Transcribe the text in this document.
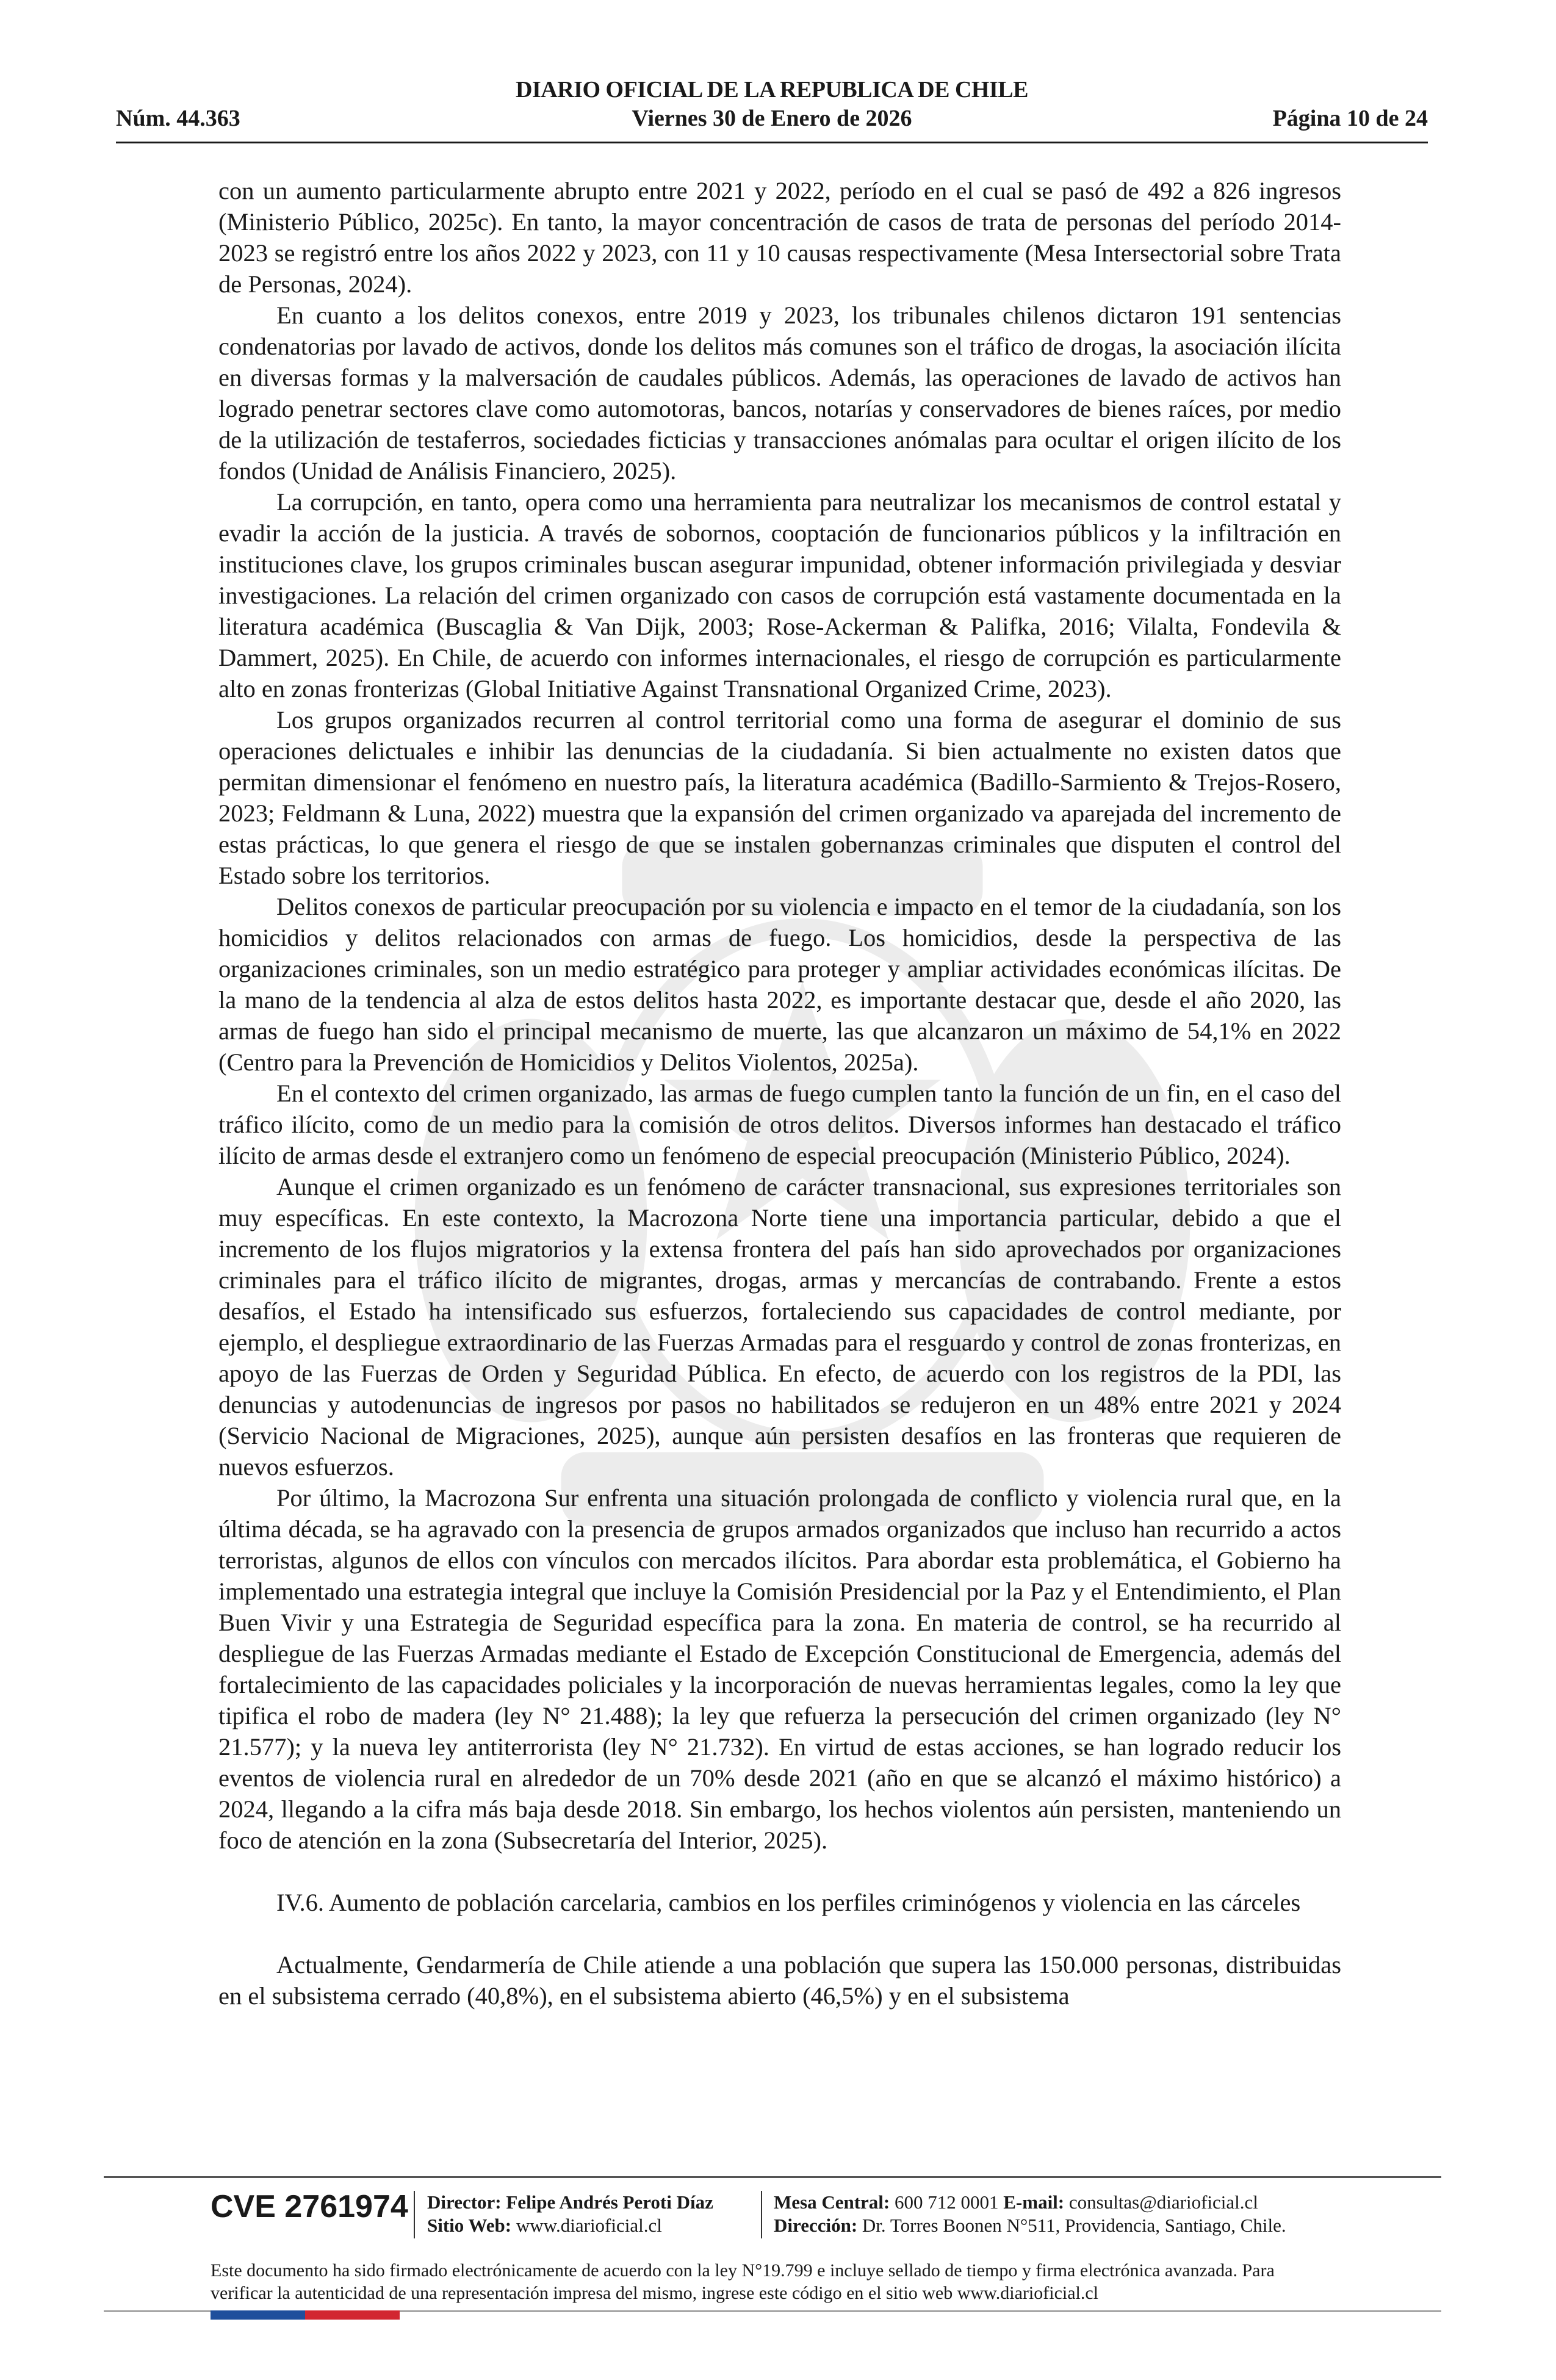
DIARIO OFICIAL DE LA REPUBLICA DE CHILE
Núm. 44.363	Viernes 30 de Enero de 2026	Página 10 de 24

con un aumento particularmente abrupto entre 2021 y 2022, período en el cual se pasó de 492 a 826 ingresos (Ministerio Público, 2025c). En tanto, la mayor concentración de casos de trata de personas del período 2014-2023 se registró entre los años 2022 y 2023, con 11 y 10 causas respectivamente (Mesa Intersectorial sobre Trata de Personas, 2024).

En cuanto a los delitos conexos, entre 2019 y 2023, los tribunales chilenos dictaron 191 sentencias condenatorias por lavado de activos, donde los delitos más comunes son el tráfico de drogas, la asociación ilícita en diversas formas y la malversación de caudales públicos. Además, las operaciones de lavado de activos han logrado penetrar sectores clave como automotoras, bancos, notarías y conservadores de bienes raíces, por medio de la utilización de testaferros, sociedades ficticias y transacciones anómalas para ocultar el origen ilícito de los fondos (Unidad de Análisis Financiero, 2025).

La corrupción, en tanto, opera como una herramienta para neutralizar los mecanismos de control estatal y evadir la acción de la justicia. A través de sobornos, cooptación de funcionarios públicos y la infiltración en instituciones clave, los grupos criminales buscan asegurar impunidad, obtener información privilegiada y desviar investigaciones. La relación del crimen organizado con casos de corrupción está vastamente documentada en la literatura académica (Buscaglia & Van Dijk, 2003; Rose-Ackerman & Palifka, 2016; Vilalta, Fondevila & Dammert, 2025). En Chile, de acuerdo con informes internacionales, el riesgo de corrupción es particularmente alto en zonas fronterizas (Global Initiative Against Transnational Organized Crime, 2023).

Los grupos organizados recurren al control territorial como una forma de asegurar el dominio de sus operaciones delictuales e inhibir las denuncias de la ciudadanía. Si bien actualmente no existen datos que permitan dimensionar el fenómeno en nuestro país, la literatura académica (Badillo-Sarmiento & Trejos-Rosero, 2023; Feldmann & Luna, 2022) muestra que la expansión del crimen organizado va aparejada del incremento de estas prácticas, lo que genera el riesgo de que se instalen gobernanzas criminales que disputen el control del Estado sobre los territorios.

Delitos conexos de particular preocupación por su violencia e impacto en el temor de la ciudadanía, son los homicidios y delitos relacionados con armas de fuego. Los homicidios, desde la perspectiva de las organizaciones criminales, son un medio estratégico para proteger y ampliar actividades económicas ilícitas. De la mano de la tendencia al alza de estos delitos hasta 2022, es importante destacar que, desde el año 2020, las armas de fuego han sido el principal mecanismo de muerte, las que alcanzaron un máximo de 54,1% en 2022 (Centro para la Prevención de Homicidios y Delitos Violentos, 2025a).

En el contexto del crimen organizado, las armas de fuego cumplen tanto la función de un fin, en el caso del tráfico ilícito, como de un medio para la comisión de otros delitos. Diversos informes han destacado el tráfico ilícito de armas desde el extranjero como un fenómeno de especial preocupación (Ministerio Público, 2024).

Aunque el crimen organizado es un fenómeno de carácter transnacional, sus expresiones territoriales son muy específicas. En este contexto, la Macrozona Norte tiene una importancia particular, debido a que el incremento de los flujos migratorios y la extensa frontera del país han sido aprovechados por organizaciones criminales para el tráfico ilícito de migrantes, drogas, armas y mercancías de contrabando. Frente a estos desafíos, el Estado ha intensificado sus esfuerzos, fortaleciendo sus capacidades de control mediante, por ejemplo, el despliegue extraordinario de las Fuerzas Armadas para el resguardo y control de zonas fronterizas, en apoyo de las Fuerzas de Orden y Seguridad Pública. En efecto, de acuerdo con los registros de la PDI, las denuncias y autodenuncias de ingresos por pasos no habilitados se redujeron en un 48% entre 2021 y 2024 (Servicio Nacional de Migraciones, 2025), aunque aún persisten desafíos en las fronteras que requieren de nuevos esfuerzos.

Por último, la Macrozona Sur enfrenta una situación prolongada de conflicto y violencia rural que, en la última década, se ha agravado con la presencia de grupos armados organizados que incluso han recurrido a actos terroristas, algunos de ellos con vínculos con mercados ilícitos. Para abordar esta problemática, el Gobierno ha implementado una estrategia integral que incluye la Comisión Presidencial por la Paz y el Entendimiento, el Plan Buen Vivir y una Estrategia de Seguridad específica para la zona. En materia de control, se ha recurrido al despliegue de las Fuerzas Armadas mediante el Estado de Excepción Constitucional de Emergencia, además del fortalecimiento de las capacidades policiales y la incorporación de nuevas herramientas legales, como la ley que tipifica el robo de madera (ley N° 21.488); la ley que refuerza la persecución del crimen organizado (ley N° 21.577); y la nueva ley antiterrorista (ley N° 21.732). En virtud de estas acciones, se han logrado reducir los eventos de violencia rural en alrededor de un 70% desde 2021 (año en que se alcanzó el máximo histórico) a 2024, llegando a la cifra más baja desde 2018. Sin embargo, los hechos violentos aún persisten, manteniendo un foco de atención en la zona (Subsecretaría del Interior, 2025).

IV.6. Aumento de población carcelaria, cambios en los perfiles criminógenos y violencia en las cárceles

Actualmente, Gendarmería de Chile atiende a una población que supera las 150.000 personas, distribuidas en el subsistema cerrado (40,8%), en el subsistema abierto (46,5%) y en el subsistema

CVE 2761974 Director: Felipe Andrés Peroti Díaz
Sitio Web: www.diarioficial.cl
Mesa Central: 600 712 0001 E-mail: consultas@diarioficial.cl
Dirección: Dr. Torres Boonen N°511, Providencia, Santiago, Chile.
Este documento ha sido firmado electrónicamente de acuerdo con la ley N°19.799 e incluye sellado de tiempo y firma electrónica avanzada. Para verificar la autenticidad de una representación impresa del mismo, ingrese este código en el sitio web www.diarioficial.cl
